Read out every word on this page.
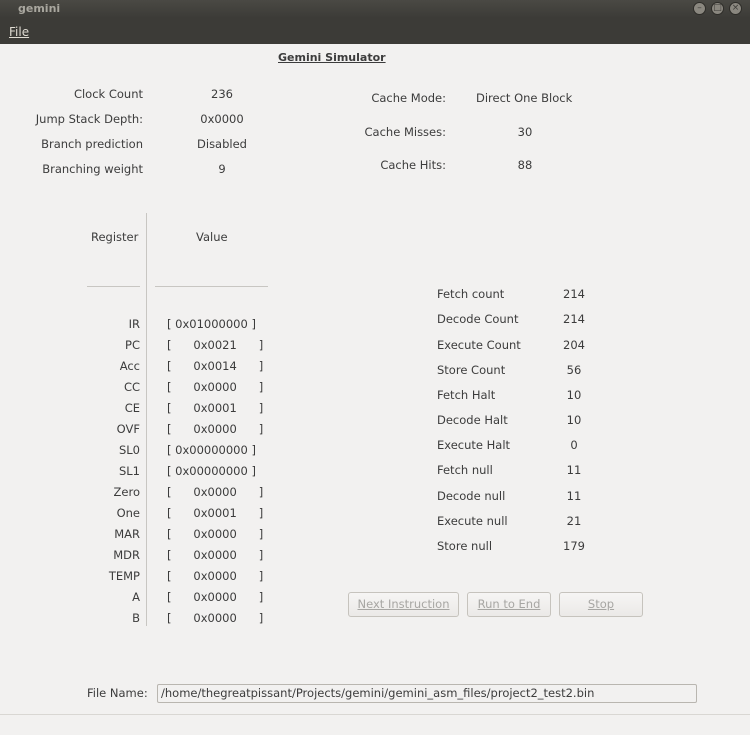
gemini	–	□	×
File
Gemini Simulator
Clock Count	236
Jump Stack Depth:	0x0000
Branch prediction	Disabled
Branching weight	9
Cache Mode:	Direct One Block
Cache Misses:	30
Cache Hits:	88
Register	Value
IR [ 0x01000000 ]
PC [      0x0021      ]
Acc [      0x0014      ]
CC [      0x0000      ]
CE [      0x0001      ]
OVF [      0x0000      ]
SL0 [ 0x00000000 ]
SL1 [ 0x00000000 ]
Zero [      0x0000      ]
One [      0x0001      ]
MAR [      0x0000      ]
MDR [      0x0000      ]
TEMP [      0x0000      ]
A [      0x0000      ]
B [      0x0000      ]
Fetch count	214
Decode Count	214
Execute Count	204
Store Count	56
Fetch Halt	10
Decode Halt	10
Execute Halt	0
Fetch null	11
Decode null	11
Execute null	21
Store null	179
Next Instruction	Run to End	Stop
File Name:	/home/thegreatpissant/Projects/gemini/gemini_asm_files/project2_test2.bin
